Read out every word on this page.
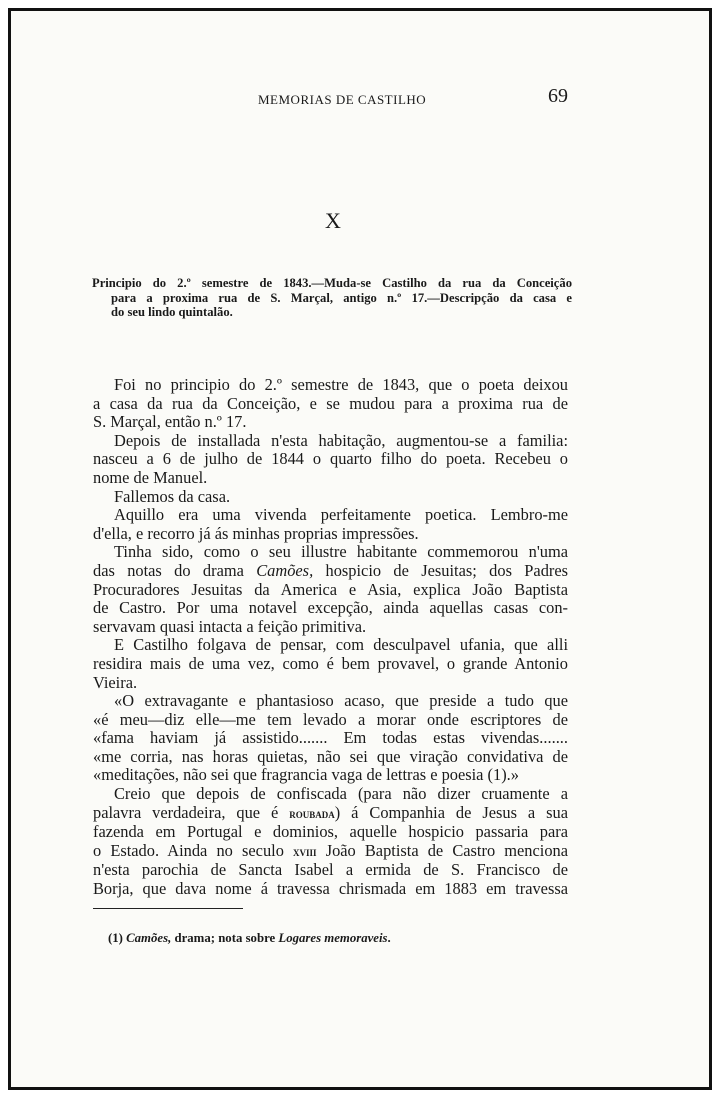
MEMORIAS DE CASTILHO	69
X
Principio do 2.º semestre de 1843.—Muda-se Castilho da rua da Conceição
para a proxima rua de S. Marçal, antigo n.º 17.—Descripção da casa e
do seu lindo quintalão.
Foi no principio do 2.º semestre de 1843, que o poeta deixou
a casa da rua da Conceição, e se mudou para a proxima rua de
S. Marçal, então n.º 17.
Depois de installada n'esta habitação, augmentou-se a familia:
nasceu a 6 de julho de 1844 o quarto filho do poeta. Recebeu o
nome de Manuel.
Fallemos da casa.
Aquillo era uma vivenda perfeitamente poetica. Lembro-me
d'ella, e recorro já ás minhas proprias impressões.
Tinha sido, como o seu illustre habitante commemorou n'uma
das notas do drama Camões, hospicio de Jesuitas; dos Padres
Procuradores Jesuitas da America e Asia, explica João Baptista
de Castro. Por uma notavel excepção, ainda aquellas casas con-
servavam quasi intacta a feição primitiva.
E Castilho folgava de pensar, com desculpavel ufania, que alli
residira mais de uma vez, como é bem provavel, o grande Antonio
Vieira.
«O extravagante e phantasioso acaso, que preside a tudo que
«é meu—diz elle—me tem levado a morar onde escriptores de
«fama haviam já assistido....... Em todas estas vivendas.......
«me corria, nas horas quietas, não sei que viração convidativa de
«meditações, não sei que fragrancia vaga de lettras e poesia (1).»
Creio que depois de confiscada (para não dizer cruamente a
palavra verdadeira, que é roubada) á Companhia de Jesus a sua
fazenda em Portugal e dominios, aquelle hospicio passaria para
o Estado. Ainda no seculo xviii João Baptista de Castro menciona
n'esta parochia de Sancta Isabel a ermida de S. Francisco de
Borja, que dava nome á travessa chrismada em 1883 em travessa
(1) Camões, drama; nota sobre Logares memoraveis.
